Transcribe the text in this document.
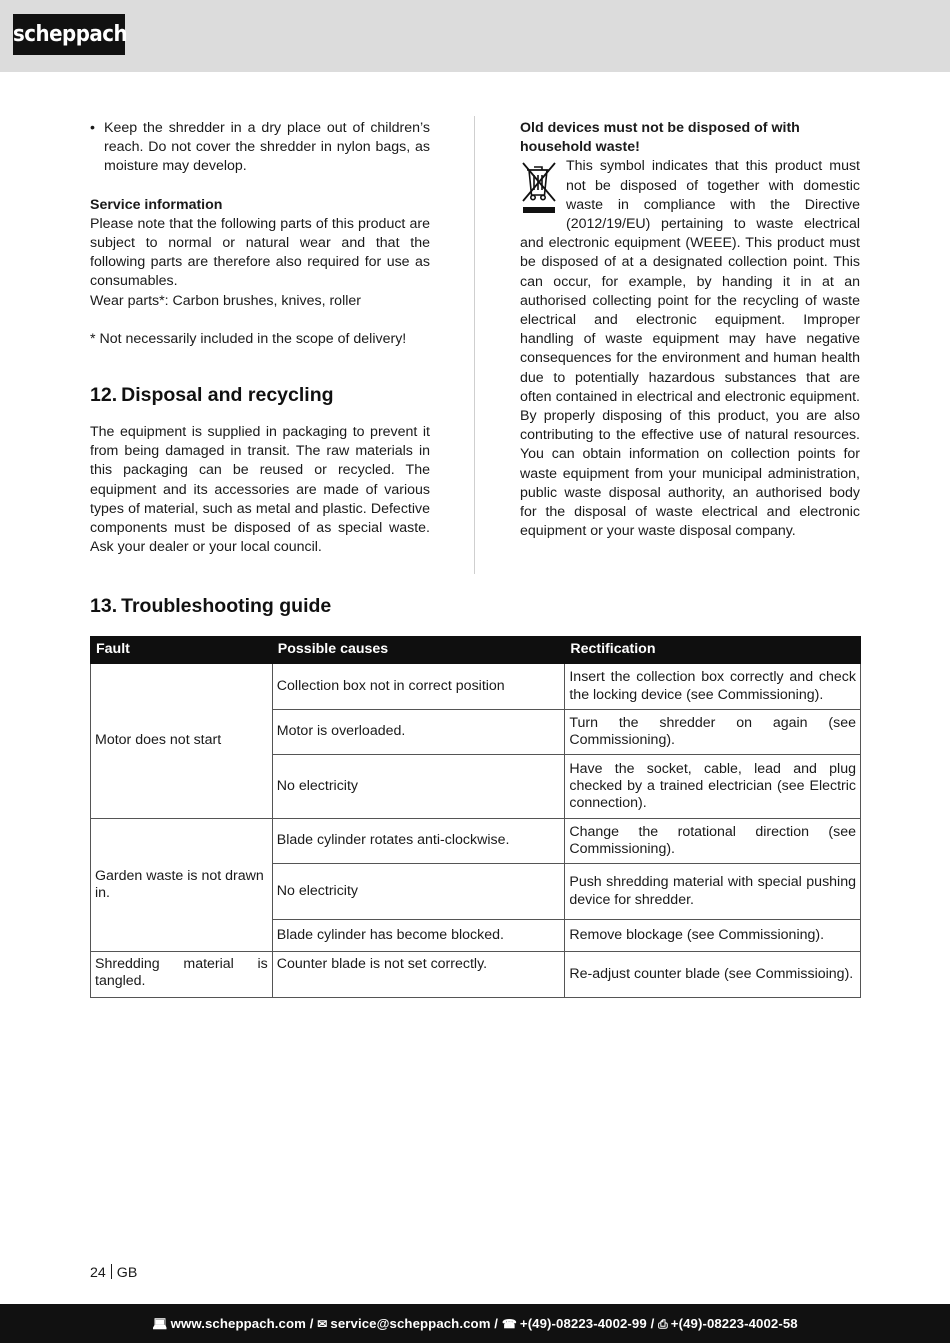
scheppach
• Keep the shredder in a dry place out of children’s reach. Do not cover the shredder in nylon bags, as moisture may develop.
Service information
Please note that the following parts of this product are subject to normal or natural wear and that the following parts are therefore also required for use as consumables.
Wear parts*: Carbon brushes, knives, roller
* Not necessarily included in the scope of delivery!
12. Disposal and recycling
The equipment is supplied in packaging to prevent it from being damaged in transit. The raw materials in this packaging can be reused or recycled. The equipment and its accessories are made of various types of material, such as metal and plastic. Defective components must be disposed of as special waste. Ask your dealer or your local council.
Old devices must not be disposed of with household waste!
This symbol indicates that this product must not be disposed of together with domestic waste in compliance with the Directive (2012/19/EU) pertaining to waste electrical and electronic equipment (WEEE). This product must be disposed of at a designated collection point. This can occur, for example, by handing it in at an authorised collecting point for the recycling of waste electrical and electronic equipment. Improper handling of waste equipment may have negative consequences for the environment and human health due to potentially hazardous substances that are often contained in electrical and electronic equipment. By properly disposing of this product, you are also contributing to the effective use of natural resources. You can obtain information on collection points for waste equipment from your municipal administration, public waste disposal authority, an authorised body for the disposal of waste electrical and electronic equipment or your waste disposal company.
13. Troubleshooting guide
Fault	Possible causes	Rectification
Motor does not start	Collection box not in correct position	Insert the collection box correctly and check the locking device (see Commissioning).
	Motor is overloaded.	Turn the shredder on again (see Commissioning).
	No electricity	Have the socket, cable, lead and plug checked by a trained electrician (see Electric connection).
Garden waste is not drawn in.	Blade cylinder rotates anti-clockwise.	Change the rotational direction (see Commissioning).
	No electricity	Push shredding material with special pushing device for shredder.
	Blade cylinder has become blocked.	Remove blockage (see Commissioning).
Shredding material is tangled.	Counter blade is not set correctly.	Re-adjust counter blade (see Commissioing).
24 GB
💻︎ www.scheppach.com / ✉︎ service@scheppach.com / ☎︎ +(49)-08223-4002-99 / ⎙ +(49)-08223-4002-58
